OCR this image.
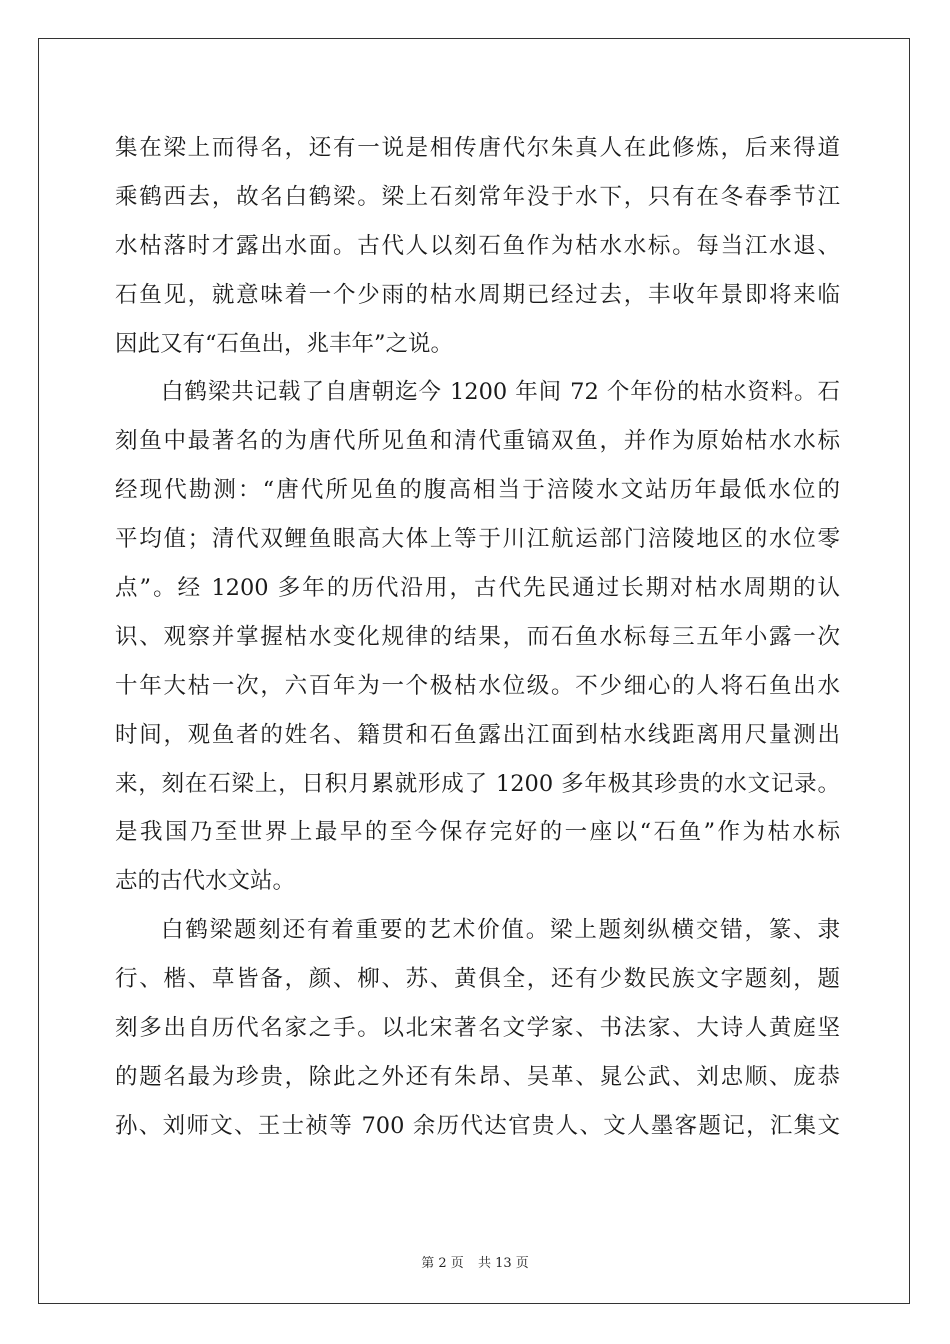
集在梁上而得名，还有一说是相传唐代尔朱真人在此修炼，后来得道
乘鹤西去，故名白鹤梁。梁上石刻常年没于水下，只有在冬春季节江
水枯落时才露出水面。古代人以刻石鱼作为枯水水标。每当江水退、
石鱼见，就意味着一个少雨的枯水周期已经过去，丰收年景即将来临
因此又有“石鱼出，兆丰年”之说。
白鹤梁共记载了自唐朝迄今 1200 年间 72 个年份的枯水资料。石
刻鱼中最著名的为唐代所见鱼和清代重镐双鱼，并作为原始枯水水标
经现代勘测：“唐代所见鱼的腹高相当于涪陵水文站历年最低水位的
平均值；清代双鲤鱼眼高大体上等于川江航运部门涪陵地区的水位零
点”。经 1200 多年的历代沿用，古代先民通过长期对枯水周期的认
识、观察并掌握枯水变化规律的结果，而石鱼水标每三五年小露一次
十年大枯一次，六百年为一个极枯水位级。不少细心的人将石鱼出水
时间，观鱼者的姓名、籍贯和石鱼露出江面到枯水线距离用尺量测出
来，刻在石梁上，日积月累就形成了 1200 多年极其珍贵的水文记录。
是我国乃至世界上最早的至今保存完好的一座以“石鱼”作为枯水标
志的古代水文站。
白鹤梁题刻还有着重要的艺术价值。梁上题刻纵横交错，篆、隶
行、楷、草皆备，颜、柳、苏、黄俱全，还有少数民族文字题刻，题
刻多出自历代名家之手。以北宋著名文学家、书法家、大诗人黄庭坚
的题名最为珍贵，除此之外还有朱昂、吴革、晁公武、刘忠顺、庞恭
孙、刘师文、王士祯等 700 余历代达官贵人、文人墨客题记，汇集文
第 2 页 共 13 页
